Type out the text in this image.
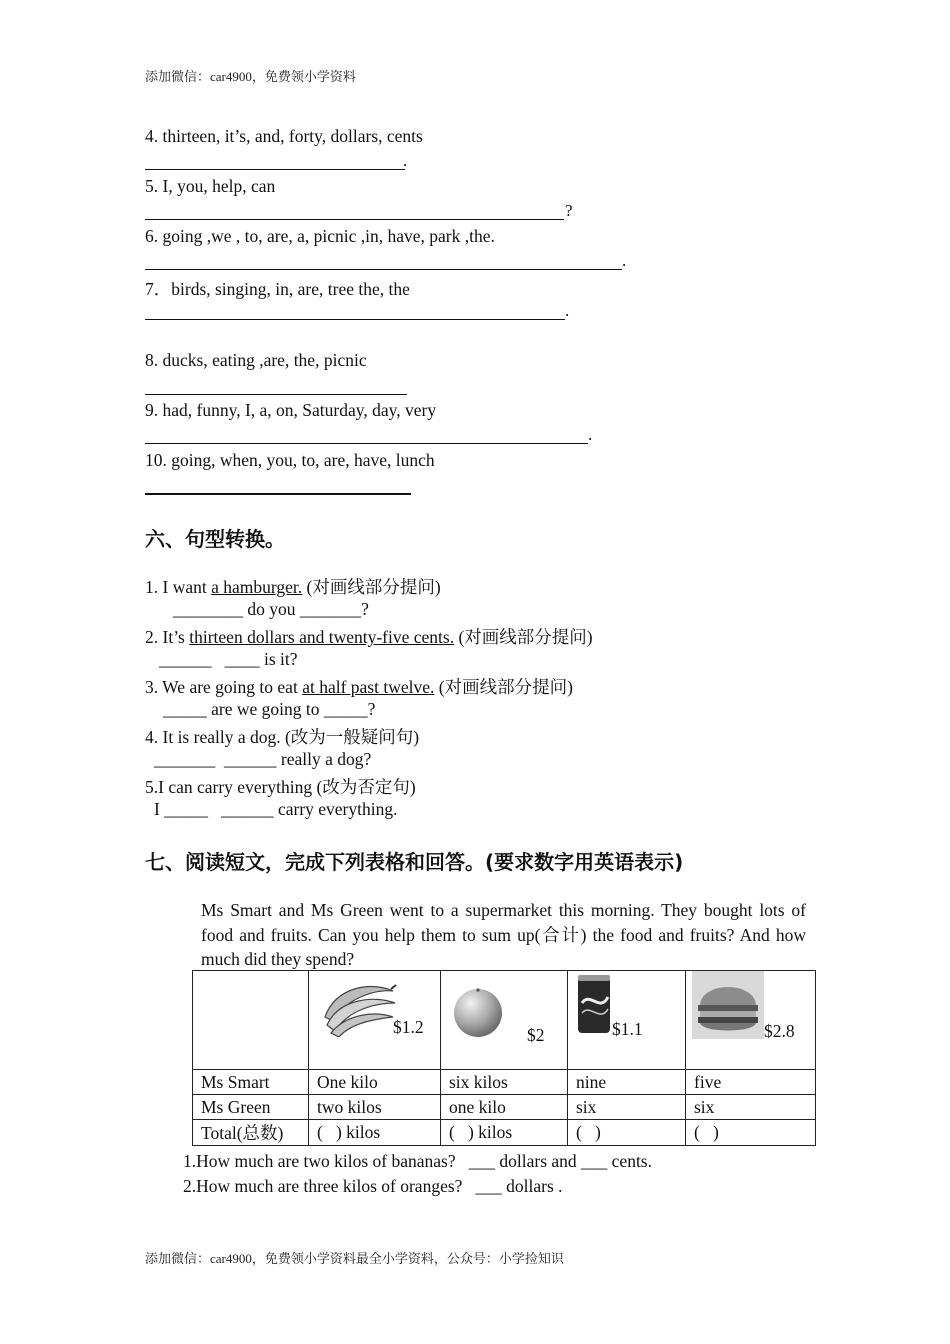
添加微信：car4900，免费领小学资料
4. thirteen, it’s, and, forty, dollars, cents
.
5. I, you, help, can
?
6. going ,we , to, are, a, picnic ,in, have, park ,the.
.
7．birds, singing, in, are, tree the, the
.
8. ducks, eating ,are, the, picnic
9. had, funny, I, a, on, Saturday, day, very
.
10. going, when, you, to, are, have, lunch
六、句型转换。
1. I want a hamburger. (对画线部分提问)
________ do you _______?
2. It’s thirteen dollars and twenty-five cents. (对画线部分提问)
______   ____ is it?
3. We are going to eat at half past twelve. (对画线部分提问)
_____ are we going to _____?
4. It is really a dog. (改为一般疑问句)
_______  ______ really a dog?
5.I can carry everything (改为否定句)
I _____   ______ carry everything.
七、阅读短文，完成下列表格和回答。(要求数字用英语表示)
Ms Smart and Ms Green went to a supermarket this morning. They bought lots of food and fruits. Can you help them to sum up(合计) the food and fruits? And how much did they spend?

	$1.2	$2	$1.1	$2.8

Ms Smart	One kilo	six kilos	nine	five
Ms Green	two kilos	one kilo	six	six
Total(总数)	(   ) kilos	(   ) kilos	(   )	(   )
1.How much are two kilos of bananas?   ___ dollars and ___ cents.
2.How much are three kilos of oranges?   ___ dollars .
添加微信：car4900，免费领小学资料最全小学资料，公众号：小学捡知识
